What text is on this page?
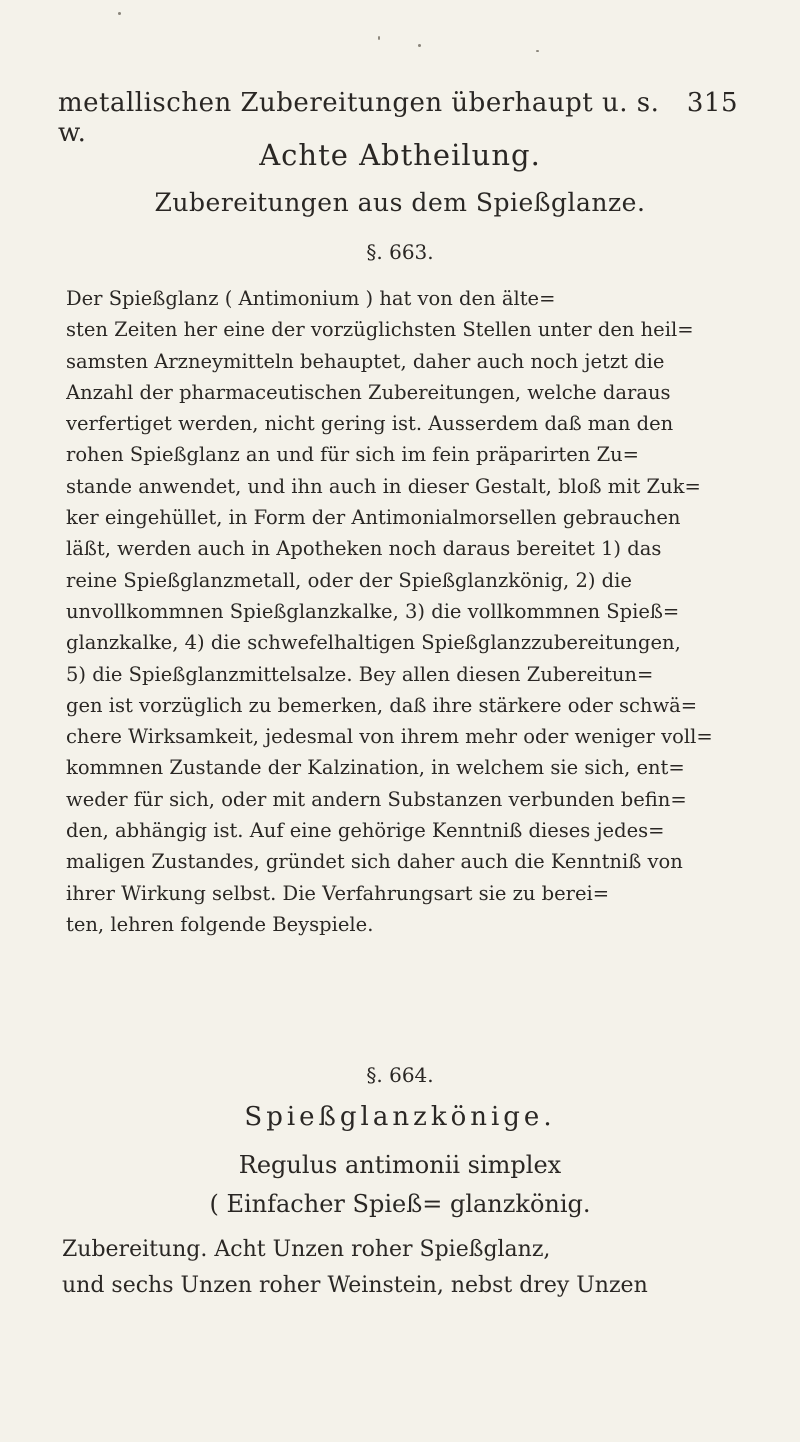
metallischen Zubereitungen überhaupt u. s. w.
315
Achte Abtheilung.
Zubereitungen aus dem Spießglanze.
§. 663.
Der Spießglanz ( Antimonium ) hat von den älte=
sten Zeiten her eine der vorzüglichsten Stellen unter den heil=
samsten Arzneymitteln behauptet, daher auch noch jetzt die
Anzahl der pharmaceutischen Zubereitungen, welche daraus
verfertiget werden, nicht gering ist. Ausserdem daß man den
rohen Spießglanz an und für sich im fein präparirten Zu=
stande anwendet, und ihn auch in dieser Gestalt, bloß mit Zuk=
ker eingehüllet, in Form der Antimonialmorsellen gebrauchen
läßt, werden auch in Apotheken noch daraus bereitet 1) das
reine Spießglanzmetall, oder der Spießglanzkönig, 2) die
unvollkommnen Spießglanzkalke, 3) die vollkommnen Spieß=
glanzkalke, 4) die schwefelhaltigen Spießglanzzubereitungen,
5) die Spießglanzmittelsalze. Bey allen diesen Zubereitun=
gen ist vorzüglich zu bemerken, daß ihre stärkere oder schwä=
chere Wirksamkeit, jedesmal von ihrem mehr oder weniger voll=
kommnen Zustande der Kalzination, in welchem sie sich, ent=
weder für sich, oder mit andern Substanzen verbunden befin=
den, abhängig ist. Auf eine gehörige Kenntniß dieses jedes=
maligen Zustandes, gründet sich daher auch die Kenntniß von
ihrer Wirkung selbst. Die Verfahrungsart sie zu berei=
ten, lehren folgende Beyspiele.
§. 664.
Spießglanzkönige.
Regulus antimonii simplex
( Einfacher Spieß= glanzkönig.
Zubereitung. Acht Unzen roher Spießglanz,
und sechs Unzen roher Weinstein, nebst drey Unzen
